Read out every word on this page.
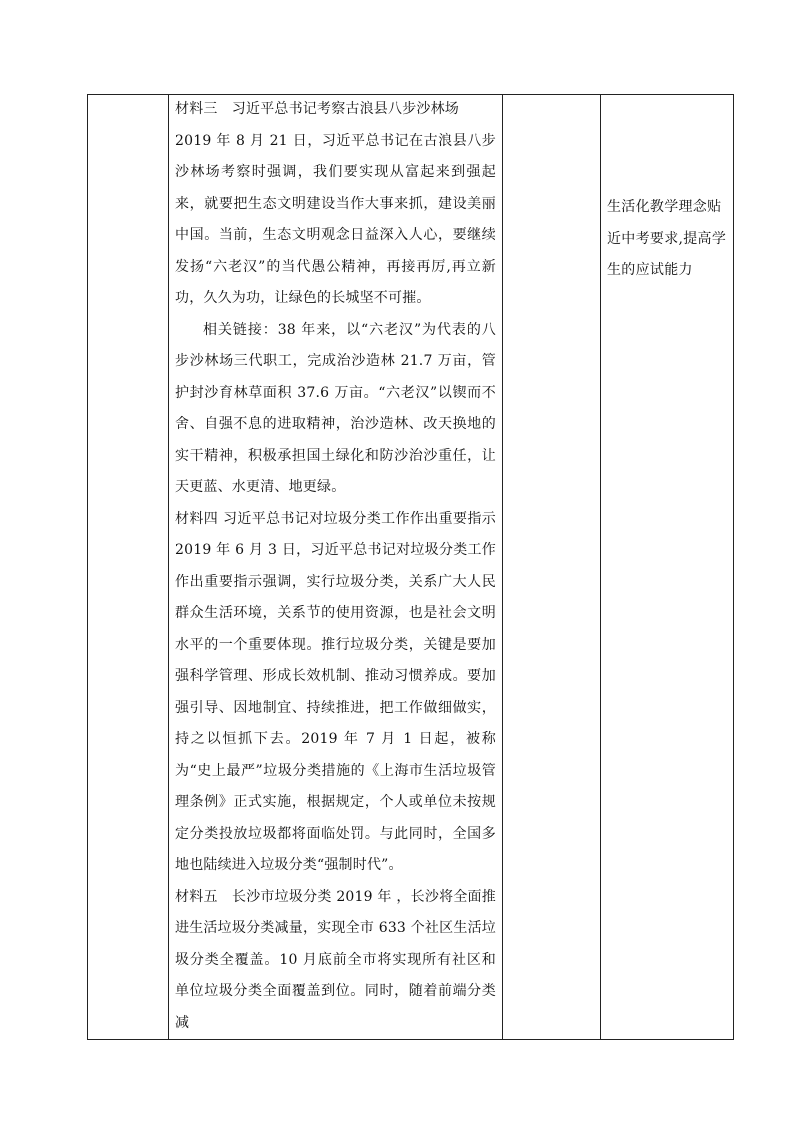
材料三　习近平总书记考察古浪县八步沙林场

2019 年 8 月 21 日，习近平总书记在古浪县八步沙林场考察时强调，我们要实现从富起来到强起来，就要把生态文明建设当作大事来抓，建设美丽中国。当前，生态文明观念日益深入人心，要继续发扬“六老汉”的当代愚公精神，再接再厉,再立新功，久久为功，让绿色的长城坚不可摧。

相关链接：38 年来，以“六老汉”为代表的八步沙林场三代职工，完成治沙造林 21.7 万亩，管护封沙育林草面积 37.6 万亩。“六老汉”以锲而不舍、自强不息的进取精神，治沙造林、改天换地的实干精神，积极承担国土绿化和防沙治沙重任，让天更蓝、水更清、地更绿。

材料四 习近平总书记对垃圾分类工作作出重要指示 2019 年 6 月 3 日，习近平总书记对垃圾分类工作作出重要指示强调，实行垃圾分类，关系广大人民群众生活环境，关系节的使用资源，也是社会文明水平的一个重要体现。推行垃圾分类，关键是要加强科学管理、形成长效机制、推动习惯养成。要加强引导、因地制宜、持续推进，把工作做细做实，持之以恒抓下去。2019 年 7 月 1 日起，被称为“史上最严”垃圾分类措施的《上海市生活垃圾管理条例》正式实施，根据规定，个人或单位未按规定分类投放垃圾都将面临处罚。与此同时，全国多地也陆续进入垃圾分类“强制时代”。

材料五　长沙市垃圾分类 2019 年 ，长沙将全面推进生活垃圾分类减量，实现全市 633 个社区生活垃圾分类全覆盖。10 月底前全市将实现所有社区和单位垃圾分类全面覆盖到位。同时，随着前端分类减

生活化教学理念贴近中考要求,提高学生的应试能力
